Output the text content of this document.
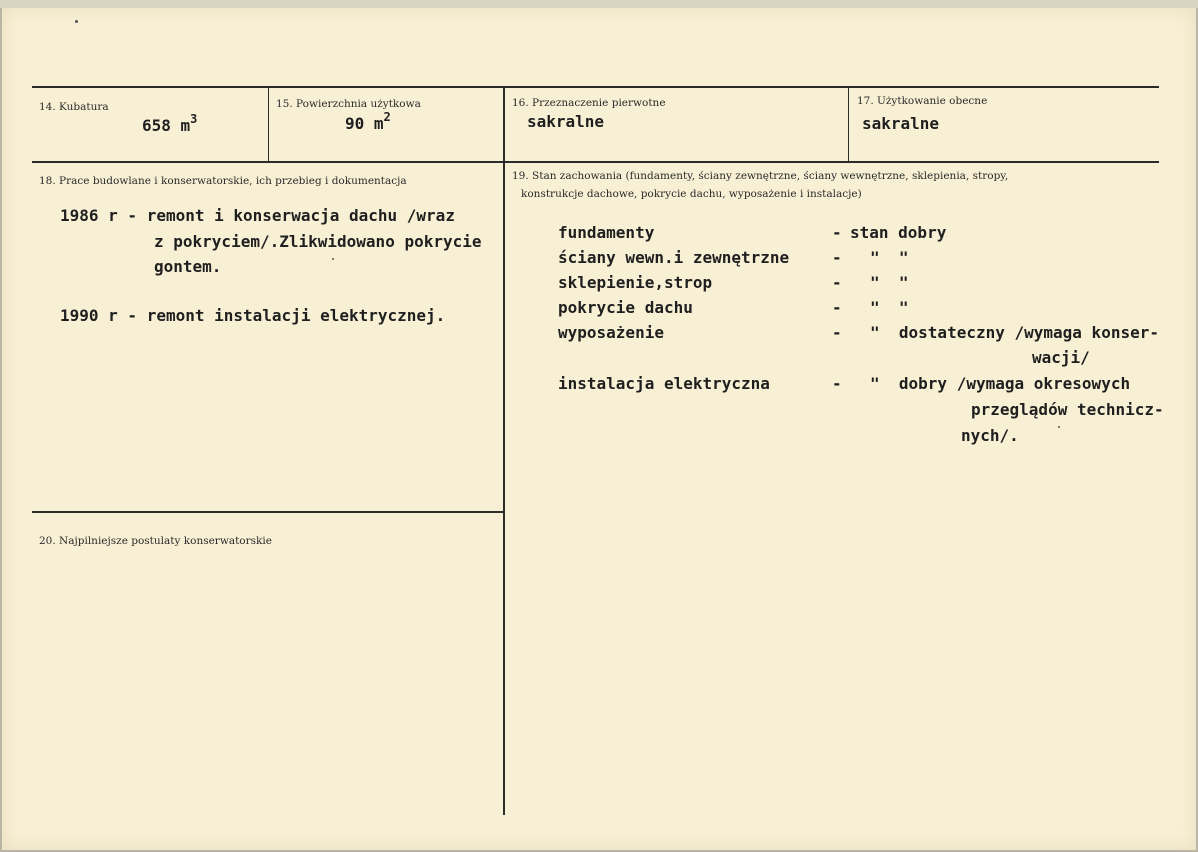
14. Kubatura
658 $m^3$
15. Powierzchnia użytkowa
90 $m^2$
16. Przeznaczenie pierwotne
sakralne
17. Użytkowanie obecne
sakralne
18. Prace budowlane i konserwatorskie, ich przebieg i dokumentacja
1986 r - remont i konserwacja dachu /wraz
z pokryciem/.Zlikwidowano pokrycie
gontem.
1990 r - remont instalacji elektrycznej.
19. Stan zachowania (fundamenty, ściany zewnętrzne, ściany wewnętrzne, sklepienia, stropy,
konstrukcje dachowe, pokrycie dachu, wyposażenie i instalacje)
fundamenty	- stan dobry
ściany wewn.i zewnętrzne	- "  "
sklepienie,strop	- "  "
pokrycie dachu	- "  "
wyposażenie	- "  dostateczny /wymaga konser-
wacji/
instalacja elektryczna	- "  dobry /wymaga okresowych
przeglądów technicz-
nych/.
20. Najpilniejsze postulaty konserwatorskie
